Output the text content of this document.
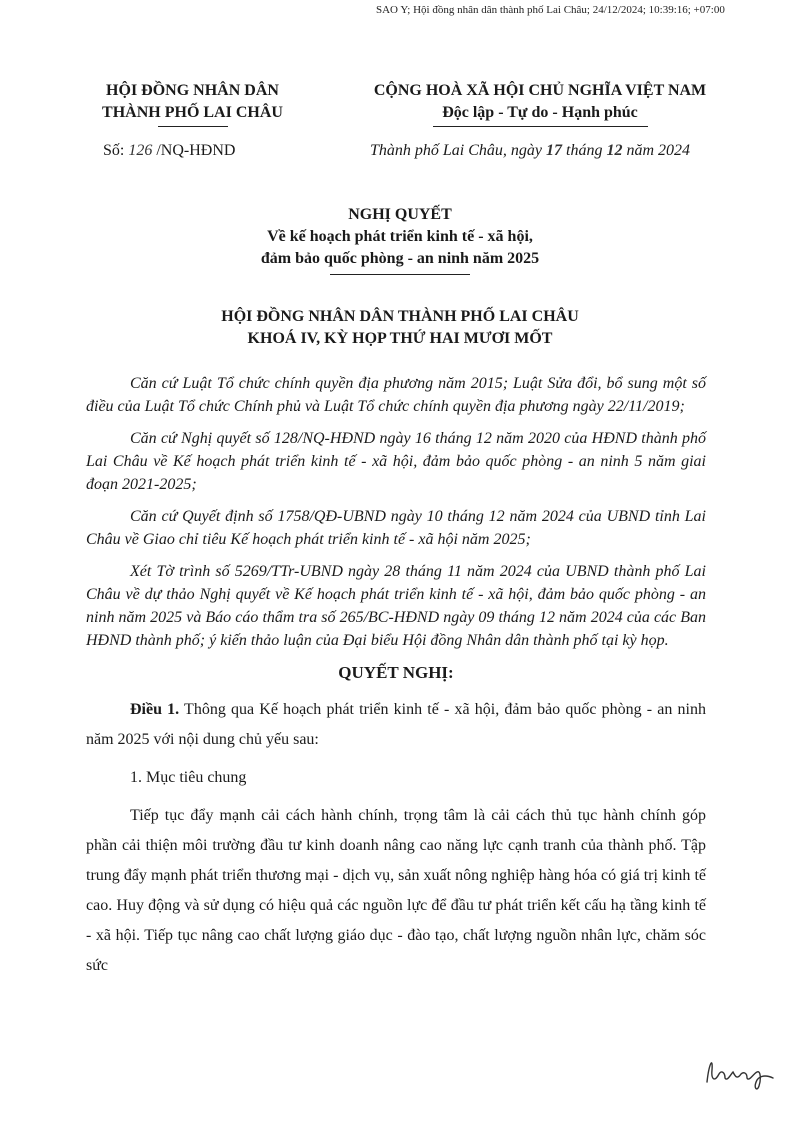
SAO Y; Hội đồng nhân dân thành phố Lai Châu; 24/12/2024; 10:39:16; +07:00
HỘI ĐỒNG NHÂN DÂN
THÀNH PHỐ LAI CHÂU
CỘNG HOÀ XÃ HỘI CHỦ NGHĨA VIỆT NAM
Độc lập - Tự do - Hạnh phúc
Số: 126 /NQ-HĐND	Thành phố Lai Châu, ngày 17 tháng 12 năm 2024
NGHỊ QUYẾT
Về kế hoạch phát triển kinh tế - xã hội,
đảm bảo quốc phòng - an ninh năm 2025
HỘI ĐỒNG NHÂN DÂN THÀNH PHỐ LAI CHÂU
KHOÁ IV, KỲ HỌP THỨ HAI MƯƠI MỐT

Căn cứ Luật Tổ chức chính quyền địa phương năm 2015; Luật Sửa đổi, bổ sung một số điều của Luật Tổ chức Chính phủ và Luật Tổ chức chính quyền địa phương ngày 22/11/2019;

Căn cứ Nghị quyết số 128/NQ-HĐND ngày 16 tháng 12 năm 2020 của HĐND thành phố Lai Châu về Kế hoạch phát triển kinh tế - xã hội, đảm bảo quốc phòng - an ninh 5 năm giai đoạn 2021-2025;

Căn cứ Quyết định số 1758/QĐ-UBND ngày 10 tháng 12 năm 2024 của UBND tỉnh Lai Châu về Giao chỉ tiêu Kế hoạch phát triển kinh tế - xã hội năm 2025;

Xét Tờ trình số 5269/TTr-UBND ngày 28 tháng 11 năm 2024 của UBND thành phố Lai Châu về dự thảo Nghị quyết về Kế hoạch phát triển kinh tế - xã hội, đảm bảo quốc phòng - an ninh năm 2025 và Báo cáo thẩm tra số 265/BC-HĐND ngày 09 tháng 12 năm 2024 của các Ban HĐND thành phố; ý kiến thảo luận của Đại biểu Hội đồng Nhân dân thành phố tại kỳ họp.

QUYẾT NGHỊ:

Điều 1. Thông qua Kế hoạch phát triển kinh tế - xã hội, đảm bảo quốc phòng - an ninh năm 2025 với nội dung chủ yếu sau:

1. Mục tiêu chung

Tiếp tục đẩy mạnh cải cách hành chính, trọng tâm là cải cách thủ tục hành chính góp phần cải thiện môi trường đầu tư kinh doanh nâng cao năng lực cạnh tranh của thành phố. Tập trung đẩy mạnh phát triển thương mại - dịch vụ, sản xuất nông nghiệp hàng hóa có giá trị kinh tế cao. Huy động và sử dụng có hiệu quả các nguồn lực để đầu tư phát triển kết cấu hạ tầng kinh tế - xã hội. Tiếp tục nâng cao chất lượng giáo dục - đào tạo, chất lượng nguồn nhân lực, chăm sóc sức
